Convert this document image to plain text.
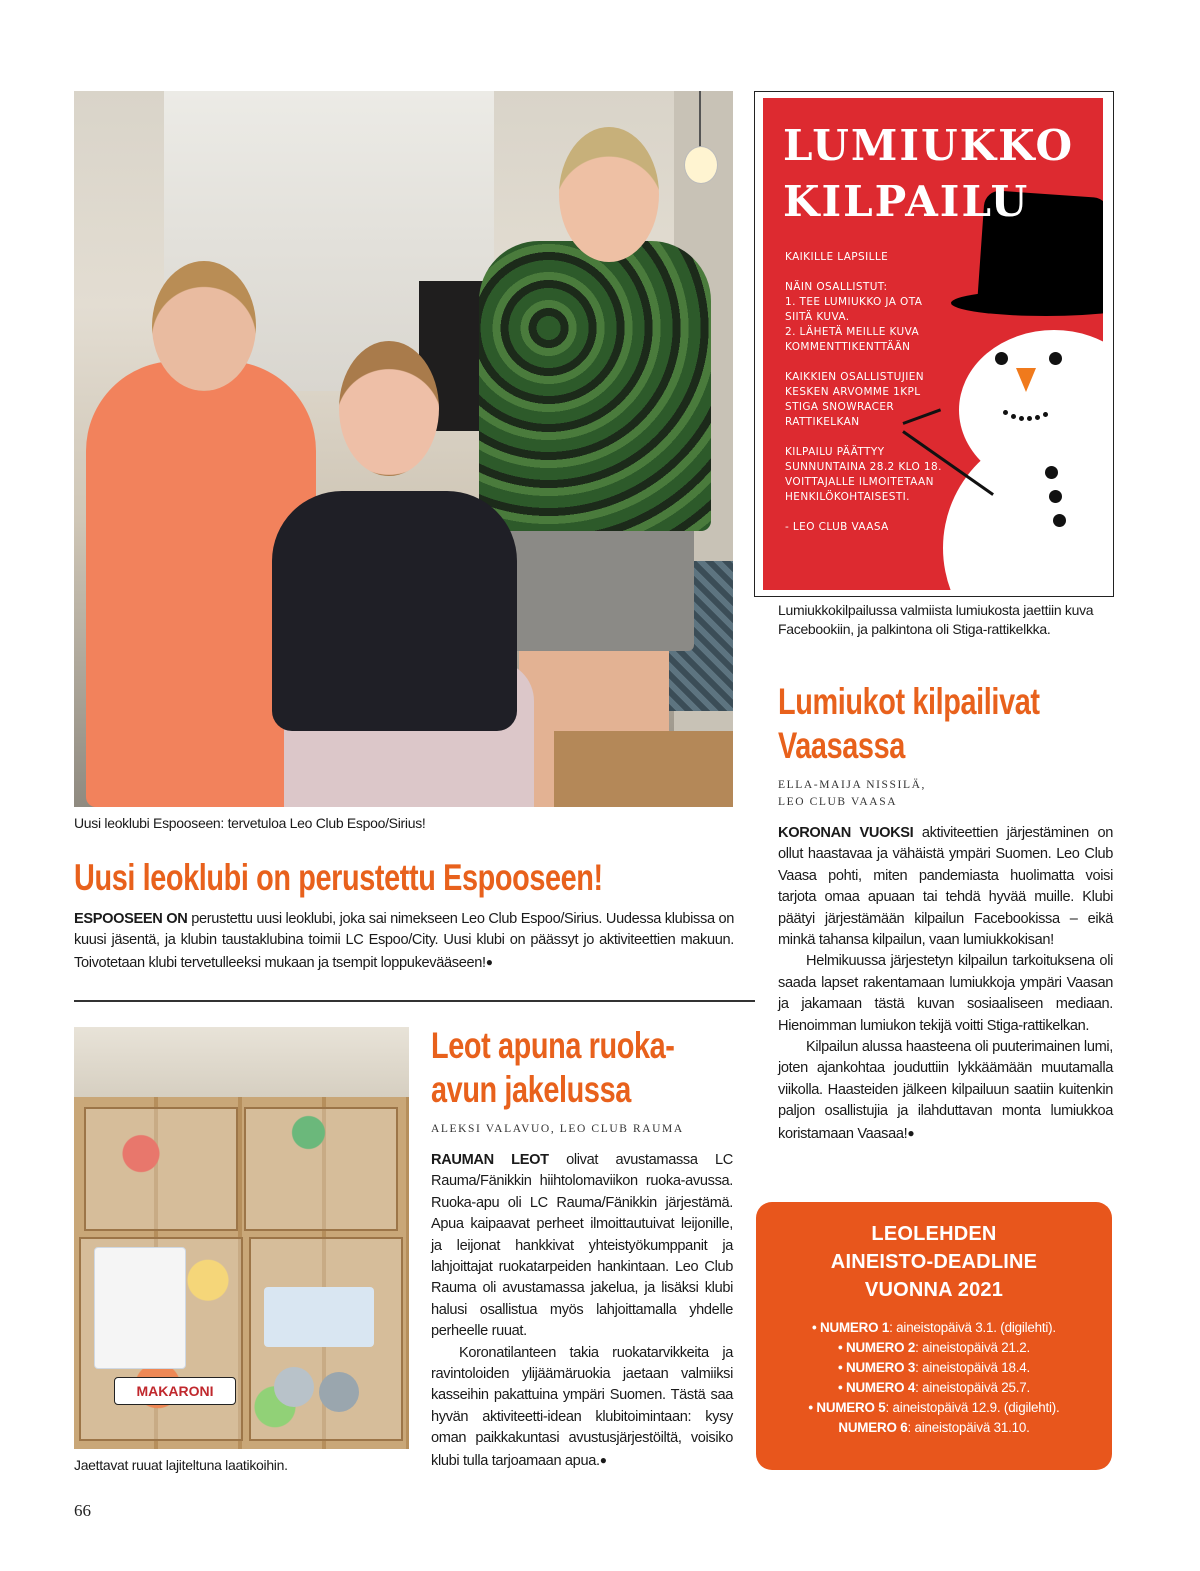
Uusi leoklubi Espooseen: tervetuloa Leo Club Espoo/Sirius!
Uusi leoklubi on perustettu Espooseen!

ESPOOSEEN ON perustettu uusi leoklubi, joka sai nimekseen Leo Club Espoo/Sirius. Uudessa klubissa on kuusi jäsentä, ja klubin taustaklubina toimii LC Espoo/City. Uusi klubi on päässyt jo aktiviteettien makuun. Toivotetaan klubi tervetulleeksi mukaan ja tsempit loppukevääseen!●

LUMIUKKO
KILPAILU
KAIKILLE LAPSILLE
NÄIN OSALLISTUT:
1. TEE LUMIUKKO JA OTA
SIITÄ KUVA.
2. LÄHETÄ MEILLE KUVA
KOMMENTTIKENTTÄÄN
KAIKKIEN OSALLISTUJIEN
KESKEN ARVOMME 1KPL
STIGA SNOWRACER
RATTIKELKAN
KILPAILU PÄÄTTYY
SUNNUNTAINA 28.2 KLO 18.
VOITTAJALLE ILMOITETAAN
HENKILÖKOHTAISESTI.
- LEO CLUB VAASA
Lumiukkokilpailussa valmiista lumiukosta jaettiin kuva Facebookiin, ja palkintona oli Stiga-rattikelkka.
Lumiukot kilpailivat
Vaasassa
ELLA-MAIJA NISSILÄ,
LEO CLUB VAASA

KORONAN VUOKSI aktiviteettien järjestäminen on ollut haastavaa ja vähäistä ympäri Suomen. Leo Club Vaasa pohti, miten pandemiasta huolimatta voisi tarjota omaa apuaan tai tehdä hyvää muille. Klubi päätyi järjestämään kilpailun Facebookissa – eikä minkä tahansa kilpailun, vaan lumiukkokisan!

Helmikuussa järjestetyn kilpailun tarkoituksena oli saada lapset rakentamaan lumiukkoja ympäri Vaasan ja jakamaan tästä kuvan sosiaaliseen mediaan. Hienoimman lumiukon tekijä voitti Stiga-rattikelkan.

Kilpailun alussa haasteena oli puuterimainen lumi, joten ajankohtaa jouduttiin lykkäämään muutamalla viikolla. Haasteiden jälkeen kilpailuun saatiin kuitenkin paljon osallistujia ja ilahduttavan monta lumiukkoa koristamaan Vaasaa!●

MAKARONI
Jaettavat ruuat lajiteltuna laatikoihin.
Leot apuna ruoka-
avun jakelussa
ALEKSI VALAVUO, LEO CLUB RAUMA

RAUMAN LEOT olivat avustamassa LC Rauma/Fänikkin hiihtolomaviikon ruoka-avussa. Ruoka-apu oli LC Rauma/Fänikkin järjestämä. Apua kaipaavat perheet ilmoittautuivat leijonille, ja leijonat hankkivat yhteistyökumppanit ja lahjoittajat ruokatarpeiden hankintaan. Leo Club Rauma oli avustamassa jakelua, ja lisäksi klubi halusi osallistua myös lahjoittamalla yhdelle perheelle ruuat.

Koronatilanteen takia ruokatarvikkeita ja ravintoloiden ylijäämäruokia jaetaan valmiiksi kasseihin pakattuina ympäri Suomen. Tästä saa hyvän aktiviteetti-idean klubitoimintaan: kysy oman paikkakuntasi avustusjärjestöiltä, voisiko klubi tulla tarjoamaan apua.●

LEOLEHDEN
AINEISTO-DEADLINE
VUONNA 2021
• NUMERO 1: aineistopäivä 3.1. (digilehti).
• NUMERO 2: aineistopäivä 21.2.
• NUMERO 3: aineistopäivä 18.4.
• NUMERO 4: aineistopäivä 25.7.
• NUMERO 5: aineistopäivä 12.9. (digilehti).
NUMERO 6: aineistopäivä 31.10.
66
